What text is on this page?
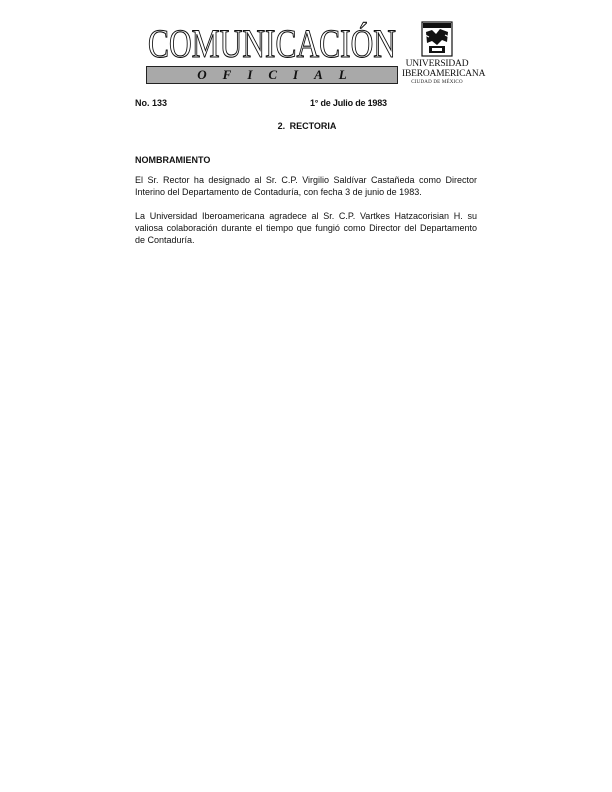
COMUNICACIÓN
OFICIAL
UNIVERSIDAD
IBEROAMERICANA
CIUDAD DE MÉXICO
No. 133	1° de Julio de 1983
2. RECTORIA
NOMBRAMIENTO
El Sr. Rector ha designado al Sr. C.P. Virgilio Saldívar Castañeda como Director Interino del Departamento de Contaduría, con fecha 3 de junio de 1983.
La Universidad Iberoamericana agradece al Sr. C.P. Vartkes Hatzacorisian H. su valiosa colaboración durante el tiempo que fungió como Director del Departamento de Contaduría.
